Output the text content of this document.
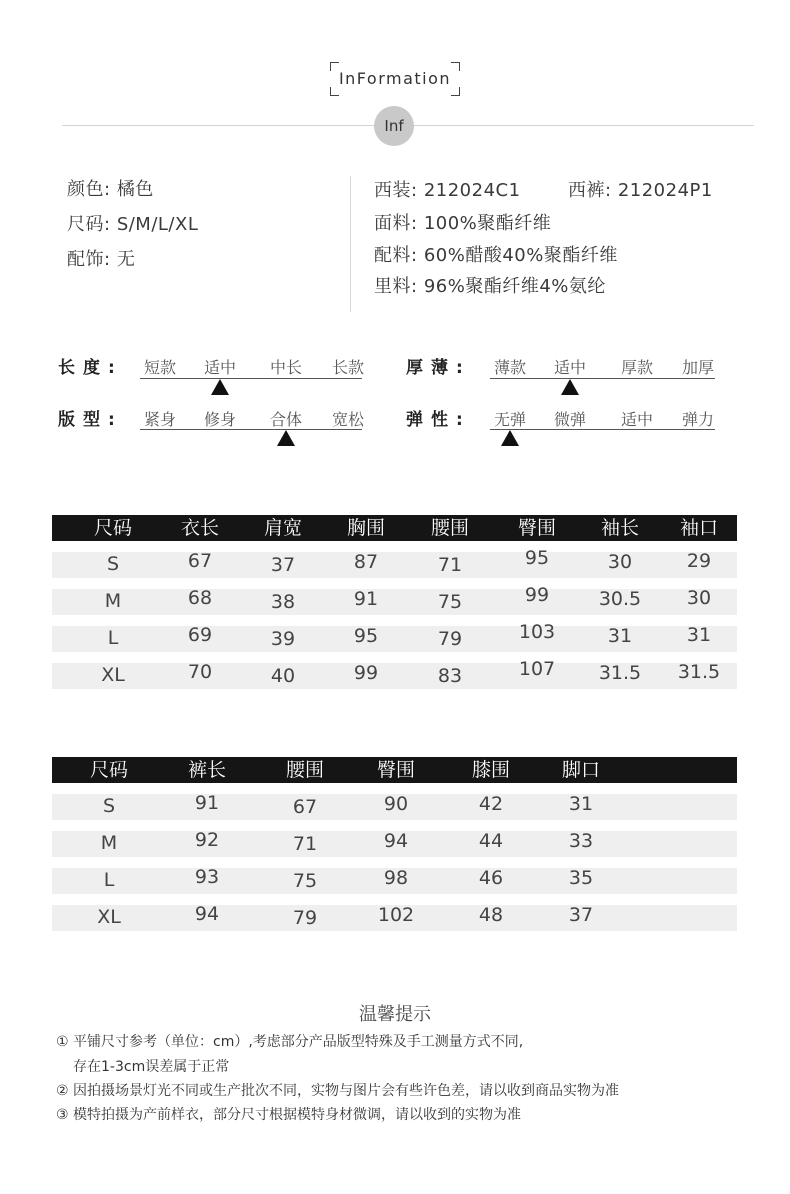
InFormation
Inf
颜色: 橘色
尺码: S/M/L/XL
配饰: 无
西装: 212024C1	西裤: 212024P1
面料: 100%聚酯纤维
配料: 60%醋酸40%聚酯纤维
里料: 96%聚酯纤维4%氨纶
长度:	短款	适中	中长	长款	厚薄:	薄款	适中	厚款	加厚
版型:	紧身	修身	合体	宽松	弹性:	无弹	微弹	适中	弹力
尺码	衣长	肩宽	胸围	腰围	臀围	袖长	袖口
S	67	37	87	71	95	30	29
M	68	38	91	75	99	30.5	30
L	69	39	95	79	103	31	31
XL	70	40	99	83	107	31.5	31.5
尺码	裤长	腰围	臀围	膝围	脚口
S	91	67	90	42	31
M	92	71	94	44	33
L	93	75	98	46	35
XL	94	79	102	48	37
温馨提示
① 平铺尺寸参考（单位：cm）,考虑部分产品版型特殊及手工测量方式不同,
存在1-3cm误差属于正常
② 因拍摄场景灯光不同或生产批次不同，实物与图片会有些许色差，请以收到商品实物为准
③ 模特拍摄为产前样衣，部分尺寸根据模特身材微调，请以收到的实物为准
